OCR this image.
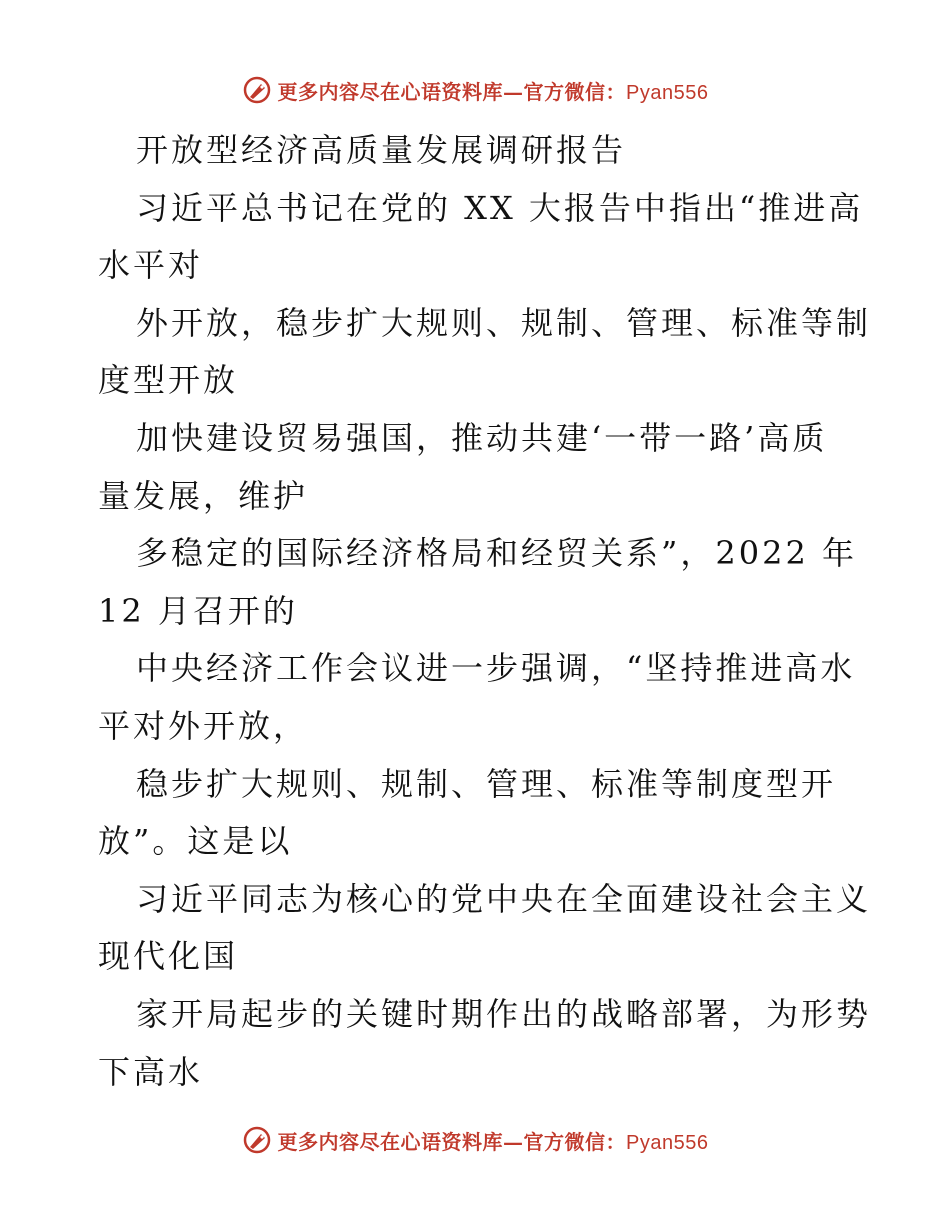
更多内容尽在心语资料库—官方微信：Pyan556
开放型经济高质量发展调研报告
习近平总书记在党的 XX 大报告中指出“推进高
水平对
外开放，稳步扩大规则、规制、管理、标准等制
度型开放
加快建设贸易强国，推动共建‘一带一路’高质
量发展，维护
多稳定的国际经济格局和经贸关系”，2022 年
12 月召开的
中央经济工作会议进一步强调，“坚持推进高水
平对外开放，
稳步扩大规则、规制、管理、标准等制度型开
放”。这是以
习近平同志为核心的党中央在全面建设社会主义
现代化国
家开局起步的关键时期作出的战略部署，为形势
下高水
更多内容尽在心语资料库—官方微信：Pyan556
